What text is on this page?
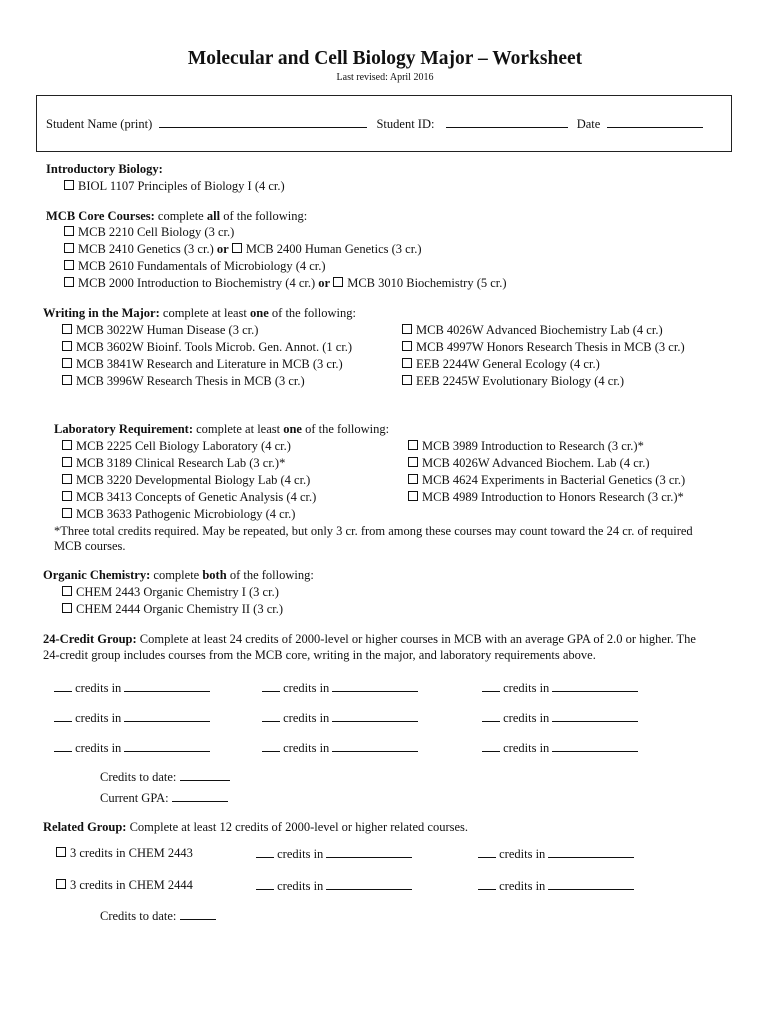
Molecular and Cell Biology Major – Worksheet
Last revised: April 2016
Student Name (print)	Student ID:	Date
Introductory Biology:
BIOL 1107 Principles of Biology I (4 cr.)
MCB Core Courses: complete all of the following:
MCB 2210 Cell Biology (3 cr.)
MCB 2410 Genetics (3 cr.) or MCB 2400 Human Genetics (3 cr.)
MCB 2610 Fundamentals of Microbiology (4 cr.)
MCB 2000 Introduction to Biochemistry (4 cr.) or MCB 3010 Biochemistry (5 cr.)
Writing in the Major: complete at least one of the following:
MCB 3022W Human Disease (3 cr.)
MCB 3602W Bioinf. Tools Microb. Gen. Annot. (1 cr.)
MCB 3841W Research and Literature in MCB (3 cr.)
MCB 3996W Research Thesis in MCB (3 cr.)
MCB 4026W Advanced Biochemistry Lab (4 cr.)
MCB 4997W Honors Research Thesis in MCB (3 cr.)
EEB 2244W General Ecology (4 cr.)
EEB 2245W Evolutionary Biology (4 cr.)
Laboratory Requirement: complete at least one of the following:
MCB 2225 Cell Biology Laboratory (4 cr.)
MCB 3189 Clinical Research Lab (3 cr.)*
MCB 3220 Developmental Biology Lab (4 cr.)
MCB 3413 Concepts of Genetic Analysis (4 cr.)
MCB 3633 Pathogenic Microbiology (4 cr.)
MCB 3989 Introduction to Research (3 cr.)*
MCB 4026W Advanced Biochem. Lab (4 cr.)
MCB 4624 Experiments in Bacterial Genetics (3 cr.)
MCB 4989 Introduction to Honors Research (3 cr.)*
*Three total credits required. May be repeated, but only 3 cr. from among these courses may count toward the 24 cr. of required
MCB courses.
Organic Chemistry: complete both of the following:
CHEM 2443 Organic Chemistry I (3 cr.)
CHEM 2444 Organic Chemistry II (3 cr.)
24-Credit Group: Complete at least 24 credits of 2000-level or higher courses in MCB with an average GPA of 2.0 or higher. The
24-credit group includes courses from the MCB core, writing in the major, and laboratory requirements above.
credits in	credits in	credits in
credits in	credits in	credits in
credits in	credits in	credits in
Credits to date:
Current GPA:
Related Group: Complete at least 12 credits of 2000-level or higher related courses.
3 credits in CHEM 2443	credits in	credits in
3 credits in CHEM 2444	credits in	credits in
Credits to date:
